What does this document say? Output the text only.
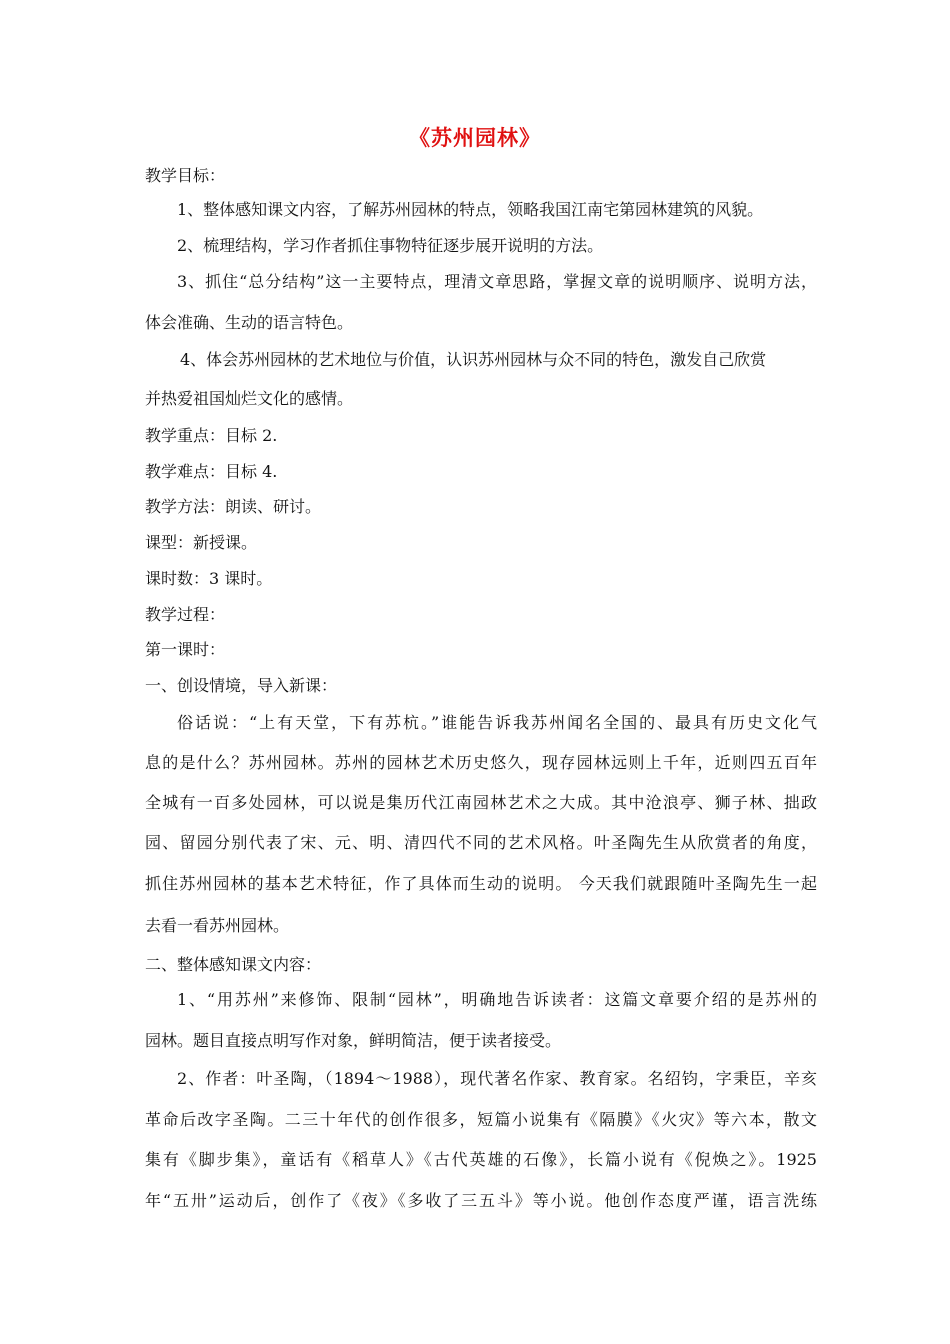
《苏州园林》
教学目标：
1、整体感知课文内容，了解苏州园林的特点，领略我国江南宅第园林建筑的风貌。
2、梳理结构，学习作者抓住事物特征逐步展开说明的方法。
3、抓住“总分结构”这一主要特点，理清文章思路，掌握文章的说明顺序、说明方法，
体会准确、生动的语言特色。
4、体会苏州园林的艺术地位与价值，认识苏州园林与众不同的特色，激发自己欣赏
并热爱祖国灿烂文化的感情。
教学重点：目标 2.
教学难点：目标 4.
教学方法：朗读、研讨。
课型：新授课。
课时数：3 课时。
教学过程：
第一课时：
一、创设情境，导入新课：
俗话说：“上有天堂，下有苏杭。”谁能告诉我苏州闻名全国的、最具有历史文化气
息的是什么？苏州园林。苏州的园林艺术历史悠久，现存园林远则上千年，近则四五百年
全城有一百多处园林，可以说是集历代江南园林艺术之大成。其中沧浪亭、狮子林、拙政
园、留园分别代表了宋、元、明、清四代不同的艺术风格。叶圣陶先生从欣赏者的角度，
抓住苏州园林的基本艺术特征，作了具体而生动的说明。 今天我们就跟随叶圣陶先生一起
去看一看苏州园林。
二、整体感知课文内容：
1、“用苏州”来修饰、限制“园林”，明确地告诉读者：这篇文章要介绍的是苏州的
园林。题目直接点明写作对象，鲜明简洁，便于读者接受。
2、作者：叶圣陶，（1894～1988），现代著名作家、教育家。名绍钧，字秉臣，辛亥
革命后改字圣陶。二三十年代的创作很多，短篇小说集有《隔膜》《火灾》等六本，散文
集有《脚步集》，童话有《稻草人》《古代英雄的石像》，长篇小说有《倪焕之》。1925
年“五卅”运动后，创作了《夜》《多收了三五斗》等小说。他创作态度严谨，语言洗练
